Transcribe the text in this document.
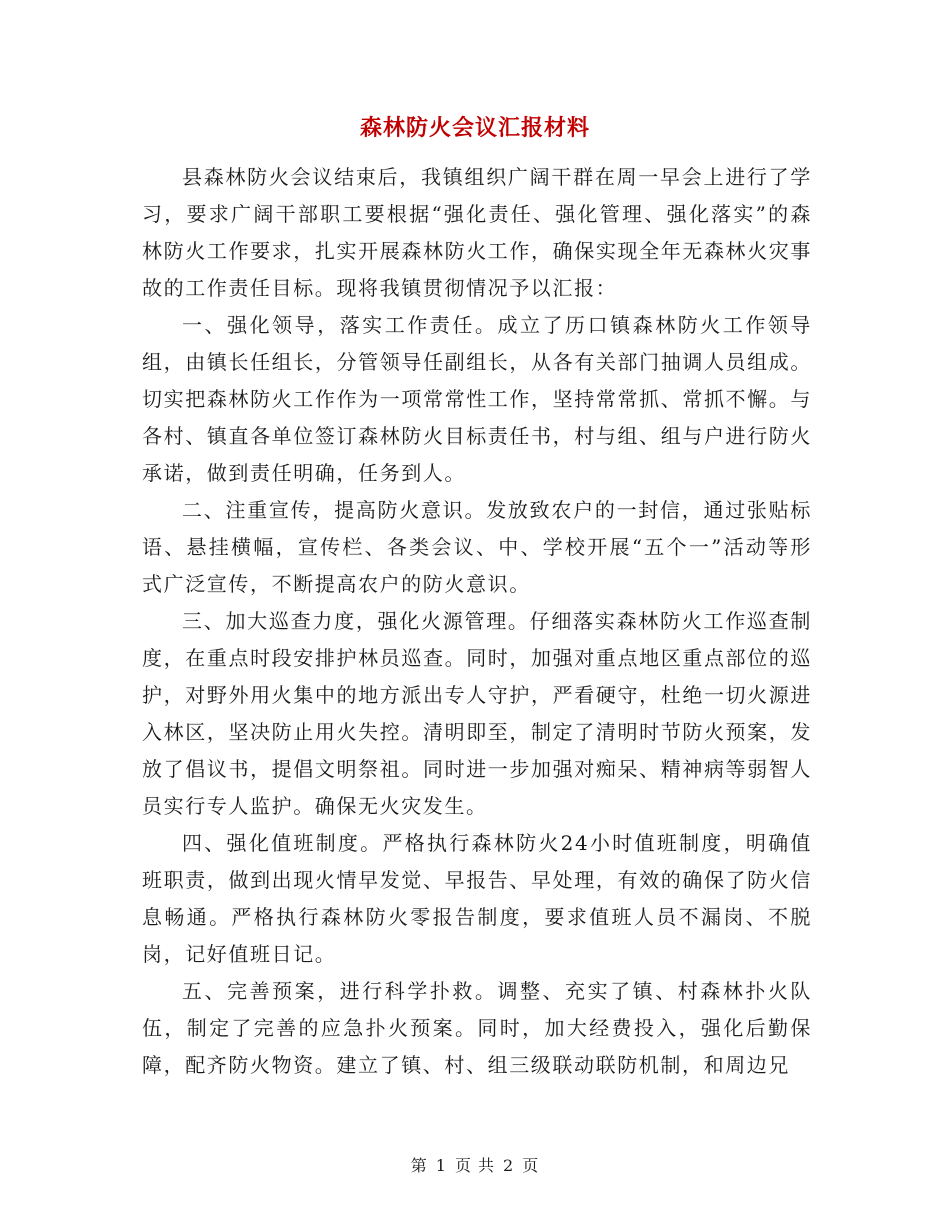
森林防火会议汇报材料

县森林防火会议结束后，我镇组织广阔干群在周一早会上进行了学习，要求广阔干部职工要根据“强化责任、强化管理、强化落实”的森林防火工作要求，扎实开展森林防火工作，确保实现全年无森林火灾事故的工作责任目标。现将我镇贯彻情况予以汇报：

一、强化领导，落实工作责任。成立了历口镇森林防火工作领导组，由镇长任组长，分管领导任副组长，从各有关部门抽调人员组成。切实把森林防火工作作为一项常常性工作，坚持常常抓、常抓不懈。与各村、镇直各单位签订森林防火目标责任书，村与组、组与户进行防火承诺，做到责任明确，任务到人。

二、注重宣传，提高防火意识。发放致农户的一封信，通过张贴标语、悬挂横幅，宣传栏、各类会议、中、学校开展“五个一”活动等形式广泛宣传，不断提高农户的防火意识。

三、加大巡查力度，强化火源管理。仔细落实森林防火工作巡查制度，在重点时段安排护林员巡查。同时，加强对重点地区重点部位的巡护，对野外用火集中的地方派出专人守护，严看硬守，杜绝一切火源进入林区，坚决防止用火失控。清明即至，制定了清明时节防火预案，发放了倡议书，提倡文明祭祖。同时进一步加强对痴呆、精神病等弱智人员实行专人监护。确保无火灾发生。

四、强化值班制度。严格执行森林防火24小时值班制度，明确值班职责，做到出现火情早发觉、早报告、早处理，有效的确保了防火信息畅通。严格执行森林防火零报告制度，要求值班人员不漏岗、不脱岗，记好值班日记。

五、完善预案，进行科学扑救。调整、充实了镇、村森林扑火队伍，制定了完善的应急扑火预案。同时，加大经费投入，强化后勤保障，配齐防火物资。建立了镇、村、组三级联动联防机制，和周边兄

第 1 页 共 2 页
